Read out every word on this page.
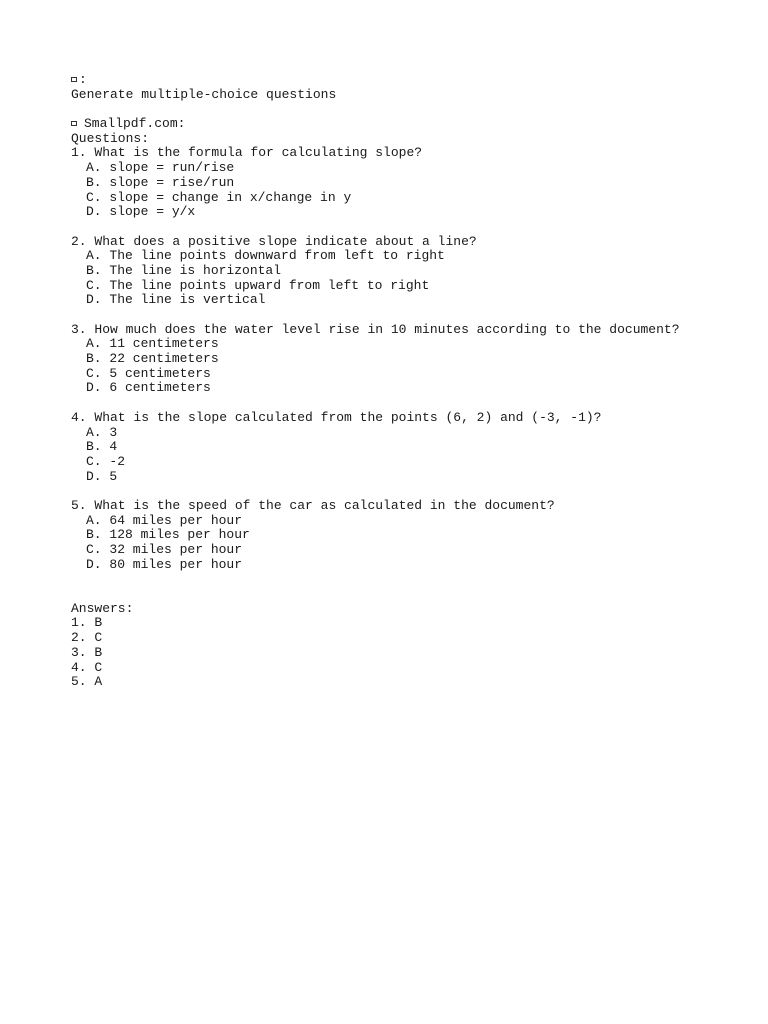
:
Generate multiple-choice questions
Smallpdf.com:
Questions:
1. What is the formula for calculating slope?
A. slope = run/rise
B. slope = rise/run
C. slope = change in x/change in y
D. slope = y/x
2. What does a positive slope indicate about a line?
A. The line points downward from left to right
B. The line is horizontal
C. The line points upward from left to right
D. The line is vertical
3. How much does the water level rise in 10 minutes according to the document?
A. 11 centimeters
B. 22 centimeters
C. 5 centimeters
D. 6 centimeters
4. What is the slope calculated from the points (6, 2) and (-3, -1)?
A. 3
B. 4
C. -2
D. 5
5. What is the speed of the car as calculated in the document?
A. 64 miles per hour
B. 128 miles per hour
C. 32 miles per hour
D. 80 miles per hour
Answers:
1. B
2. C
3. B
4. C
5. A
